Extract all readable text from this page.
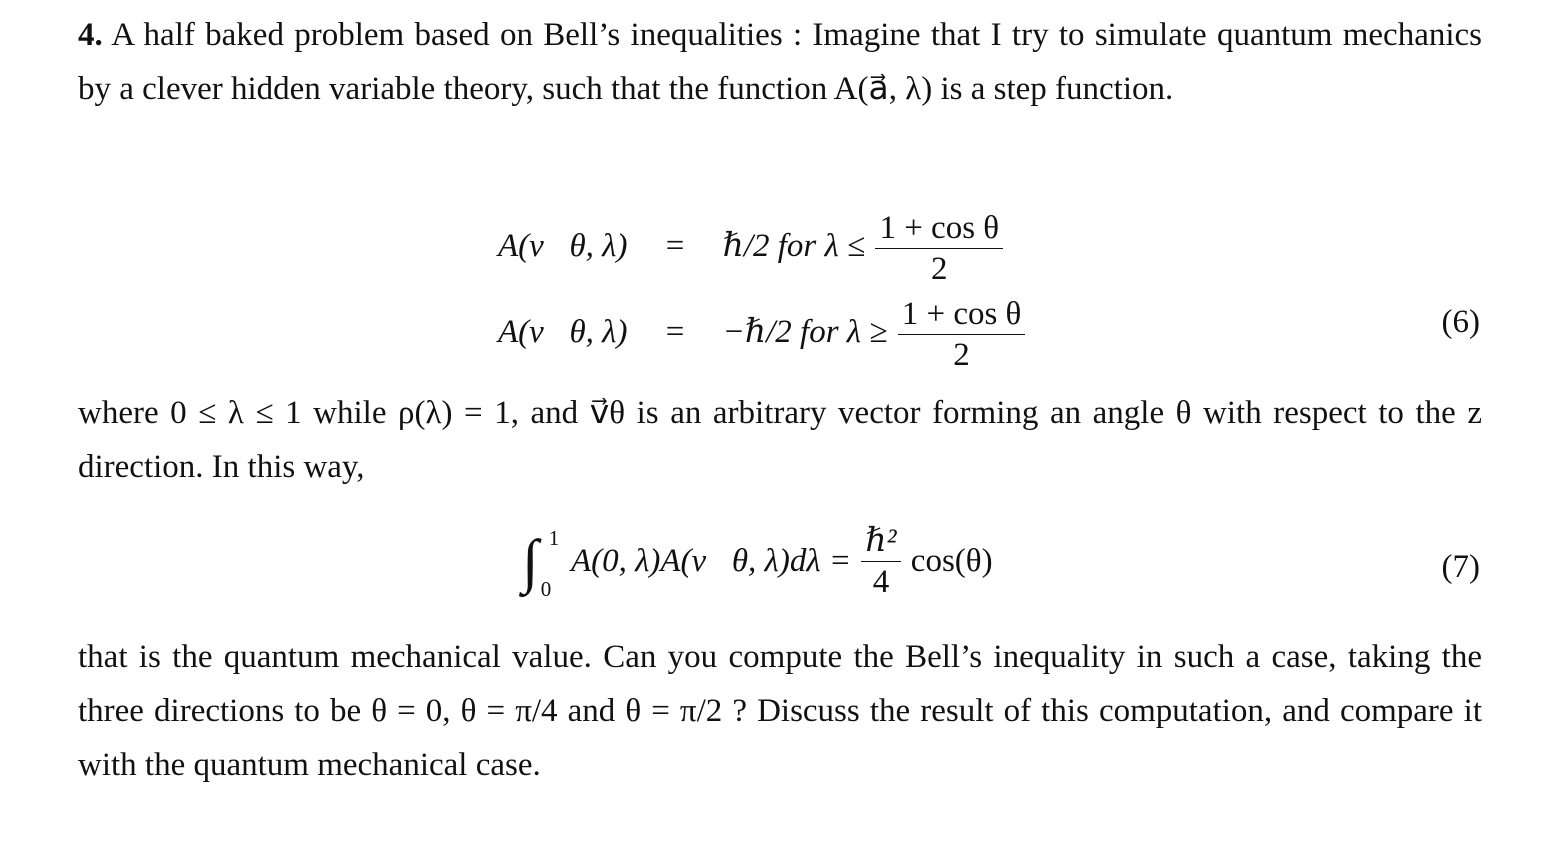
4. A half baked problem based on Bell’s inequalities : Imagine that I try to simulate quantum mechanics by a clever hidden variable theory, such that the function A(a⃗, λ) is a step function.
A(v⃗θ, λ) = ℏ/2 for $\lambda \le \frac{\text{1 + cos θ}}{2}$
A(v⃗θ, λ) = −ℏ/2 for $\lambda \ge \frac{\text{1 + cos θ}}{2}$	(6)
where 0 ≤ λ ≤ 1 while ρ(λ) = 1, and v⃗θ is an arbitrary vector forming an angle θ with respect to the z direction. In this way,
∫ 1
0
A(0, λ)A(v⃗θ, $\lambda)d\lambda = \frac{\text{ℏ²}}{4} \cos(\theta)$	(7)
that is the quantum mechanical value. Can you compute the Bell’s inequality in such a case, taking the three directions to be θ = 0, θ = π/4 and θ = π/2 ? Discuss the result of this computation, and compare it with the quantum mechanical case.
